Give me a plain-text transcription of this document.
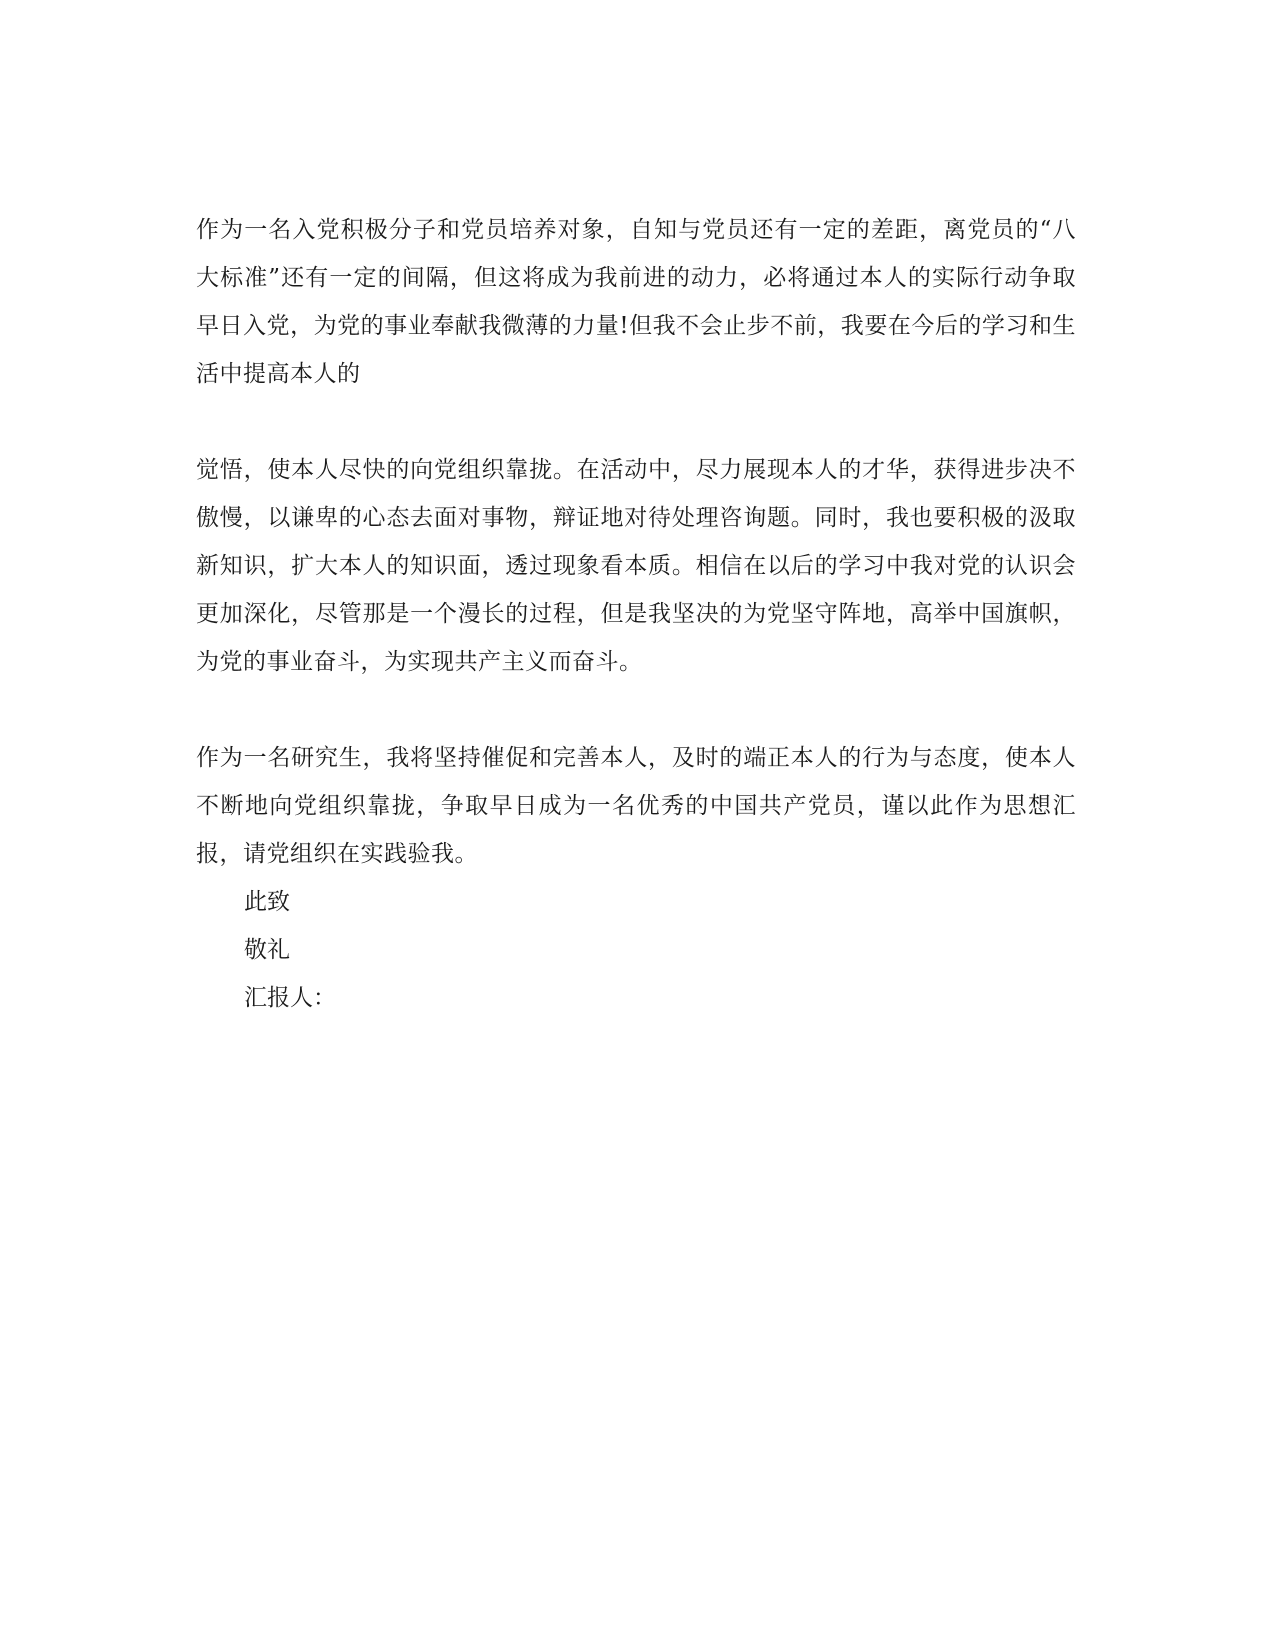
作为一名入党积极分子和党员培养对象，自知与党员还有一定的差距，离党员的“八大标准”还有一定的间隔，但这将成为我前进的动力，必将通过本人的实际行动争取早日入党，为党的事业奉献我微薄的力量!但我不会止步不前，我要在今后的学习和生活中提高本人的

觉悟，使本人尽快的向党组织靠拢。在活动中，尽力展现本人的才华，获得进步决不傲慢，以谦卑的心态去面对事物，辩证地对待处理咨询题。同时，我也要积极的汲取新知识，扩大本人的知识面，透过现象看本质。相信在以后的学习中我对党的认识会更加深化，尽管那是一个漫长的过程，但是我坚决的为党坚守阵地，高举中国旗帜，为党的事业奋斗，为实现共产主义而奋斗。

作为一名研究生，我将坚持催促和完善本人，及时的端正本人的行为与态度，使本人不断地向党组织靠拢，争取早日成为一名优秀的中国共产党员，谨以此作为思想汇报，请党组织在实践验我。

此致

敬礼

汇报人：
